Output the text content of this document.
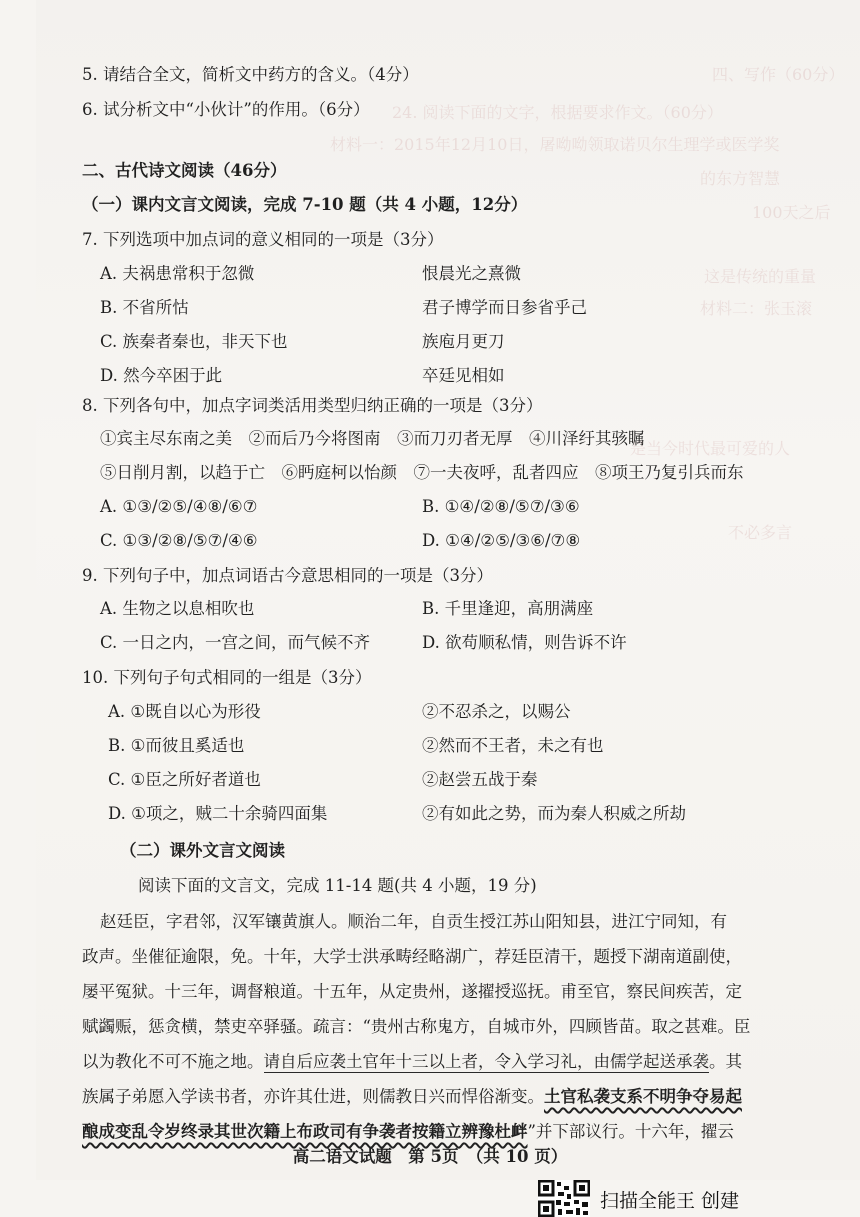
四、写作（60分）
24. 阅读下面的文字，根据要求作文。（60分）
材料一：2015年12月10日，屠呦呦领取诺贝尔生理学或医学奖
的东方智慧
100天之后
这是传统的重量
材料二：张玉滚
是当今时代最可爱的人
不必多言
5. 请结合全文，简析文中药方的含义。（4分）
6. 试分析文中“小伙计”的作用。（6分）
二、古代诗文阅读（46分）
（一）课内文言文阅读，完成 7-10 题（共 4 小题，12分）
7. 下列选项中加点词的意义相同的一项是（3分）
A. 夫祸患常积于忽微	恨晨光之熹微
B. 不省所怙	君子博学而日参省乎己
C. 族秦者秦也，非天下也	族庖月更刀
D. 然今卒困于此	卒廷见相如
8. 下列各句中，加点字词类活用类型归纳正确的一项是（3分）
①宾主尽东南之美　②而后乃今将图南　③而刀刃者无厚　④川泽纡其骇瞩
⑤日削月割，以趋于亡　⑥眄庭柯以怡颜　⑦一夫夜呼，乱者四应　⑧项王乃复引兵而东
A. ①③/②⑤/④⑧/⑥⑦	B. ①④/②⑧/⑤⑦/③⑥
C. ①③/②⑧/⑤⑦/④⑥	D. ①④/②⑤/③⑥/⑦⑧
9. 下列句子中，加点词语古今意思相同的一项是（3分）
A. 生物之以息相吹也	B. 千里逢迎，高朋满座
C. 一日之内，一宫之间，而气候不齐	D. 欲苟顺私情，则告诉不许
10. 下列句子句式相同的一组是（3分）
A. ①既自以心为形役	②不忍杀之，以赐公
B. ①而彼且奚适也	②然而不王者，未之有也
C. ①臣之所好者道也	②赵尝五战于秦
D. ①项之，贼二十余骑四面集	②有如此之势，而为秦人积威之所劫
（二）课外文言文阅读
阅读下面的文言文，完成 11-14 题(共 4 小题，19 分)
赵廷臣，字君邻，汉军镶黄旗人。顺治二年，自贡生授江苏山阳知县，进江宁同知，有
政声。坐催征逾限，免。十年，大学士洪承畴经略湖广，荐廷臣清干，题授下湖南道副使，
屡平冤狱。十三年，调督粮道。十五年，从定贵州，遂擢授巡抚。甫至官，察民间疾苦，定
赋蠲赈，惩贪横，禁吏卒驿骚。疏言：“贵州古称鬼方，自城市外，四顾皆苗。取之甚难。臣
以为教化不可不施之地。请自后应袭土官年十三以上者，令入学习礼，由儒学起送承袭。其
族属子弟愿入学读书者，亦许其仕进，则儒教日兴而悍俗渐变。土官私袭支系不明争夺易起
酿成变乱令岁终录其世次籍上布政司有争袭者按籍立辨豫杜衅”并下部议行。十六年，擢云
高二语文试题　第 5页　（共 10 页）
扫描全能王 创建
